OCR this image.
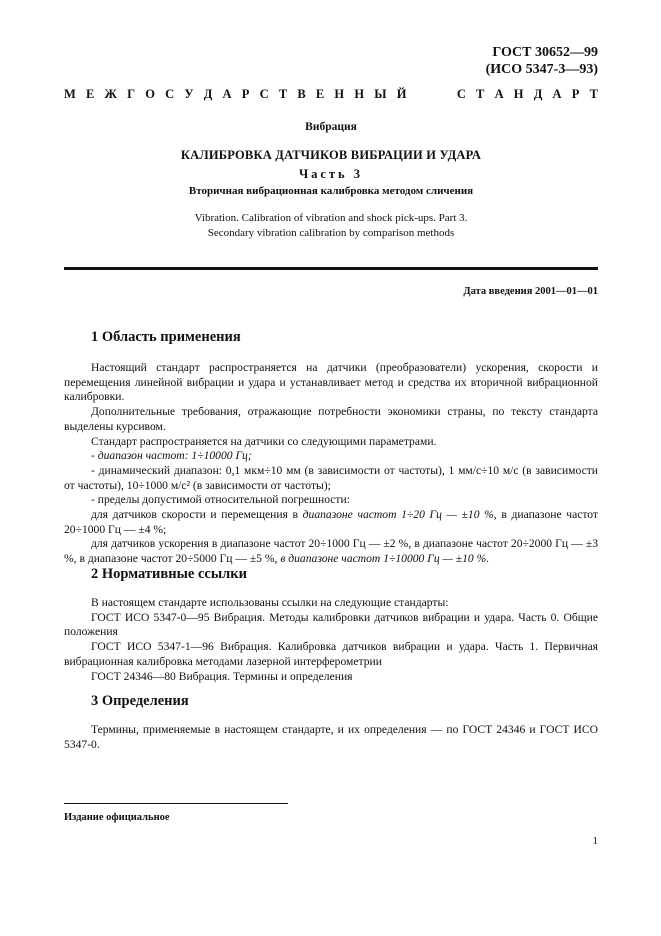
ГОСТ 30652—99
(ИСО 5347-3—93)
М Е Ж Г О С У Д А Р С Т В Е Н Н Ы Й	С Т А Н Д А Р Т
Вибрация
КАЛИБРОВКА ДАТЧИКОВ ВИБРАЦИИ И УДАРА
Часть 3
Вторичная вибрационная калибровка методом сличения
Vibration. Calibration of vibration and shock pick-ups. Part 3.
Secondary vibration calibration by comparison methods
Дата введения 2001—01—01
1 Область применения

Настоящий стандарт распространяется на датчики (преобразователи) ускорения, скорости и перемещения линейной вибрации и удара и устанавливает метод и средства их вторичной вибрационной калибровки.

Дополнительные требования, отражающие потребности экономики страны, по тексту стандарта выделены курсивом.

Стандарт распространяется на датчики со следующими параметрами.

- диапазон частот: 1÷10000 Гц;

- динамический диапазон: 0,1 мкм÷10 мм (в зависимости от частоты), 1 мм/с÷10 м/с (в зависимости от частоты), 10÷1000 м/с² (в зависимости от частоты);

- пределы допустимой относительной погрешности:

для датчиков скорости и перемещения в диапазоне частот 1÷20 Гц — ±10 %, в диапазоне частот 20÷1000 Гц — ±4 %;

для датчиков ускорения в диапазоне частот 20÷1000 Гц — ±2 %, в диапазоне частот 20÷2000 Гц — ±3 %, в диапазоне частот 20÷5000 Гц — ±5 %, в диапазоне частот 1÷10000 Гц — ±10 %.

2 Нормативные ссылки

В настоящем стандарте использованы ссылки на следующие стандарты:

ГОСТ ИСО 5347-0—95 Вибрация. Методы калибровки датчиков вибрации и удара. Часть 0. Общие положения

ГОСТ ИСО 5347-1—96 Вибрация. Калибровка датчиков вибрации и удара. Часть 1. Первичная вибрационная калибровка методами лазерной интерферометрии

ГОСТ 24346—80 Вибрация. Термины и определения

3 Определения

Термины, применяемые в настоящем стандарте, и их определения — по ГОСТ 24346 и ГОСТ ИСО 5347-0.

Издание официальное
1
